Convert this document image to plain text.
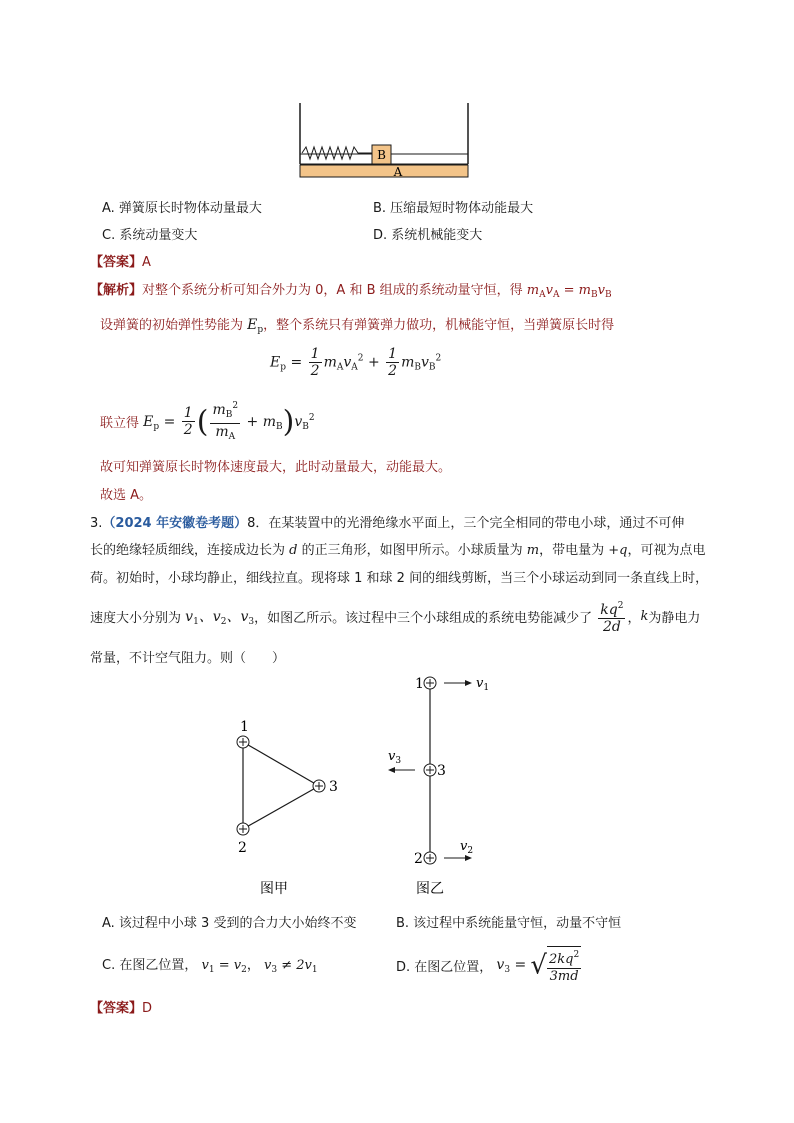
B
A
A. 弹簧原长时物体动量最大	B. 压缩最短时物体动能最大
C. 系统动量变大	D. 系统机械能变大
【答案】A
【解析】对整个系统分析可知合外力为 0，A 和 B 组成的系统动量守恒，得 $m_Av_A = m_Bv_B$
设弹簧的初始弹性势能为 $E_p$，整个系统只有弹簧弹力做功，机械能守恒，当弹簧原长时得
$E_p = \frac{1}{2} m_Av_A^2 + \frac{1}{2} m_Bv_B^2$
联立得 $E_p = \frac{1}{2}$ ( $\frac{m_B^2}{m_A} + m_B)v_B^2$
故可知弹簧原长时物体速度最大，此时动量最大，动能最大。
故选 A。
3.（2024 年安徽卷考题）8．在某装置中的光滑绝缘水平面上，三个完全相同的带电小球，通过不可伸
长的绝缘轻质细线，连接成边长为 d 的正三角形，如图甲所示。小球质量为 m，带电量为 +q，可视为点电
荷。初始时，小球均静止，细线拉直。现将球 1 和球 2 间的细线剪断，当三个小球运动到同一条直线上时，
速度大小分别为 $v_1$、$v_2$、$v_3$，如图乙所示。该过程中三个小球组成的系统电势能减少了 $\frac{kq^2}{2d}$ ，k为静电力
常量，不计空气阻力。则（　　）
1
2
3
图甲
1
3
2
$v_1$
$v_3$
$v_2$
图乙
A. 该过程中小球 3 受到的合力大小始终不变	B. 该过程中系统能量守恒，动量不守恒
C. 在图乙位置， $v_1 = v_2$， $v_3 \ne 2v_1$	D. 在图乙位置， $v_3$ = √ $\frac{2kq^2}{3md}$
【答案】D
